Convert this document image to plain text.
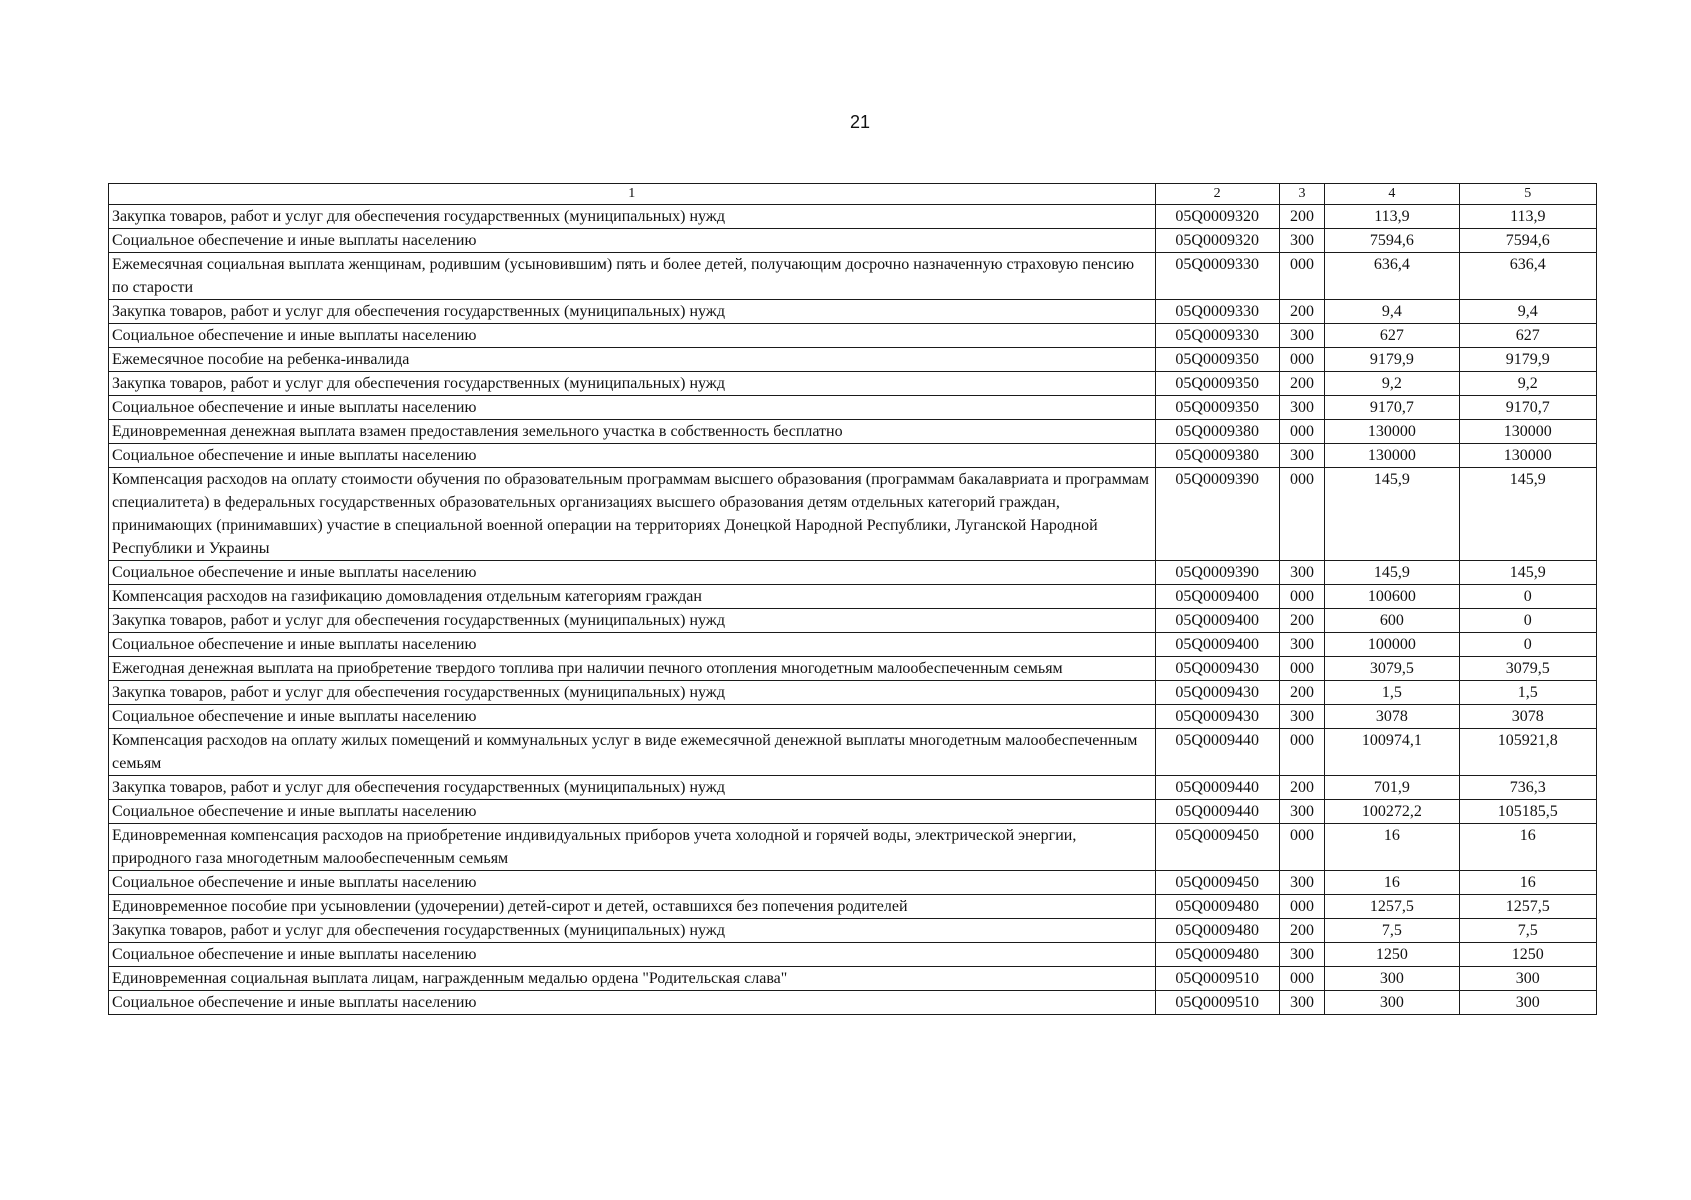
21
1	2	3	4	5
Закупка товаров, работ и услуг для обеспечения государственных (муниципальных) нужд	05Q0009320	200	113,9	113,9
Социальное обеспечение и иные выплаты населению	05Q0009320	300	7594,6	7594,6
Ежемесячная социальная выплата женщинам, родившим (усыновившим) пять и более детей, получающим досрочно назначенную страховую пенсию по старости	05Q0009330	000	636,4	636,4
Закупка товаров, работ и услуг для обеспечения государственных (муниципальных) нужд	05Q0009330	200	9,4	9,4
Социальное обеспечение и иные выплаты населению	05Q0009330	300	627	627
Ежемесячное пособие на ребенка-инвалида	05Q0009350	000	9179,9	9179,9
Закупка товаров, работ и услуг для обеспечения государственных (муниципальных) нужд	05Q0009350	200	9,2	9,2
Социальное обеспечение и иные выплаты населению	05Q0009350	300	9170,7	9170,7
Единовременная денежная выплата взамен предоставления земельного участка в собственность бесплатно	05Q0009380	000	130000	130000
Социальное обеспечение и иные выплаты населению	05Q0009380	300	130000	130000
Компенсация расходов на оплату стоимости обучения по образовательным программам высшего образования (программам бакалавриата и программам специалитета) в федеральных государственных образовательных организациях высшего образования детям отдельных категорий граждан, принимающих (принимавших) участие в специальной военной операции на территориях Донецкой Народной Республики, Луганской Народной Республики и Украины	05Q0009390	000	145,9	145,9
Социальное обеспечение и иные выплаты населению	05Q0009390	300	145,9	145,9
Компенсация расходов на газификацию домовладения отдельным категориям граждан	05Q0009400	000	100600	0
Закупка товаров, работ и услуг для обеспечения государственных (муниципальных) нужд	05Q0009400	200	600	0
Социальное обеспечение и иные выплаты населению	05Q0009400	300	100000	0
Ежегодная денежная выплата на приобретение твердого топлива при наличии печного отопления многодетным малообеспеченным семьям	05Q0009430	000	3079,5	3079,5
Закупка товаров, работ и услуг для обеспечения государственных (муниципальных) нужд	05Q0009430	200	1,5	1,5
Социальное обеспечение и иные выплаты населению	05Q0009430	300	3078	3078
Компенсация расходов на оплату жилых помещений и коммунальных услуг в виде ежемесячной денежной выплаты многодетным малообеспеченным семьям	05Q0009440	000	100974,1	105921,8
Закупка товаров, работ и услуг для обеспечения государственных (муниципальных) нужд	05Q0009440	200	701,9	736,3
Социальное обеспечение и иные выплаты населению	05Q0009440	300	100272,2	105185,5
Единовременная компенсация расходов на приобретение индивидуальных приборов учета холодной и горячей воды, электрической энергии, природного газа многодетным малообеспеченным семьям	05Q0009450	000	16	16
Социальное обеспечение и иные выплаты населению	05Q0009450	300	16	16
Единовременное пособие при усыновлении (удочерении) детей-сирот и детей, оставшихся без попечения родителей	05Q0009480	000	1257,5	1257,5
Закупка товаров, работ и услуг для обеспечения государственных (муниципальных) нужд	05Q0009480	200	7,5	7,5
Социальное обеспечение и иные выплаты населению	05Q0009480	300	1250	1250
Единовременная социальная выплата лицам, награжденным медалью ордена "Родительская слава"	05Q0009510	000	300	300
Социальное обеспечение и иные выплаты населению	05Q0009510	300	300	300
